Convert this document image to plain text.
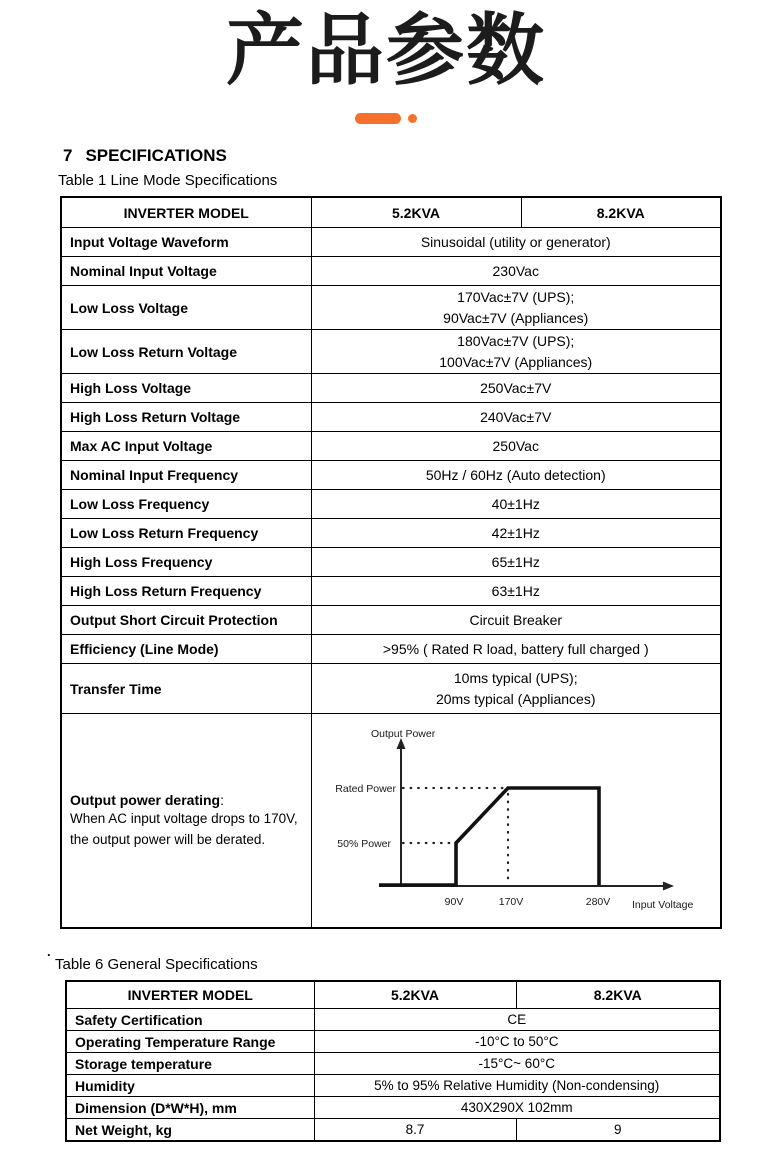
产品参数
7 SPECIFICATIONS
Table 1 Line Mode Specifications
INVERTER MODEL	5.2KVA	8.2KVA
Input Voltage Waveform	Sinusoidal (utility or generator)	
Nominal Input Voltage	230Vac	
Low Loss Voltage	170Vac±7V (UPS);
90Vac±7V (Appliances)	

Low Loss Return Voltage	180Vac±7V (UPS);
100Vac±7V (Appliances)	

High Loss Voltage	250Vac±7V	
High Loss Return Voltage	240Vac±7V	
Max AC Input Voltage	250Vac	
Nominal Input Frequency	50Hz / 60Hz (Auto detection)	
Low Loss Frequency	40±1Hz	
Low Loss Return Frequency	42±1Hz	
High Loss Frequency	65±1Hz	
High Loss Return Frequency	63±1Hz	
Output Short Circuit Protection	Circuit Breaker	
Efficiency (Line Mode)	>95% ( Rated R load, battery full charged )	
Transfer Time	10ms typical (UPS);
20ms typical (Appliances)	

Output power derating:
When AC input voltage drops to 170V,
the output power will be derated.

Output Power
Rated Power
50% Power
90V	170V	280V Input Voltage
.
Table 6 General Specifications
INVERTER MODEL	5.2KVA	8.2KVA
Safety Certification	CE	
Operating Temperature Range	-10°C to 50°C	
Storage temperature	-15°C~ 60°C	
Humidity	5% to 95% Relative Humidity (Non-condensing)	
Dimension (D*W*H), mm	430X290X 102mm	
Net Weight, kg	8.7	9
